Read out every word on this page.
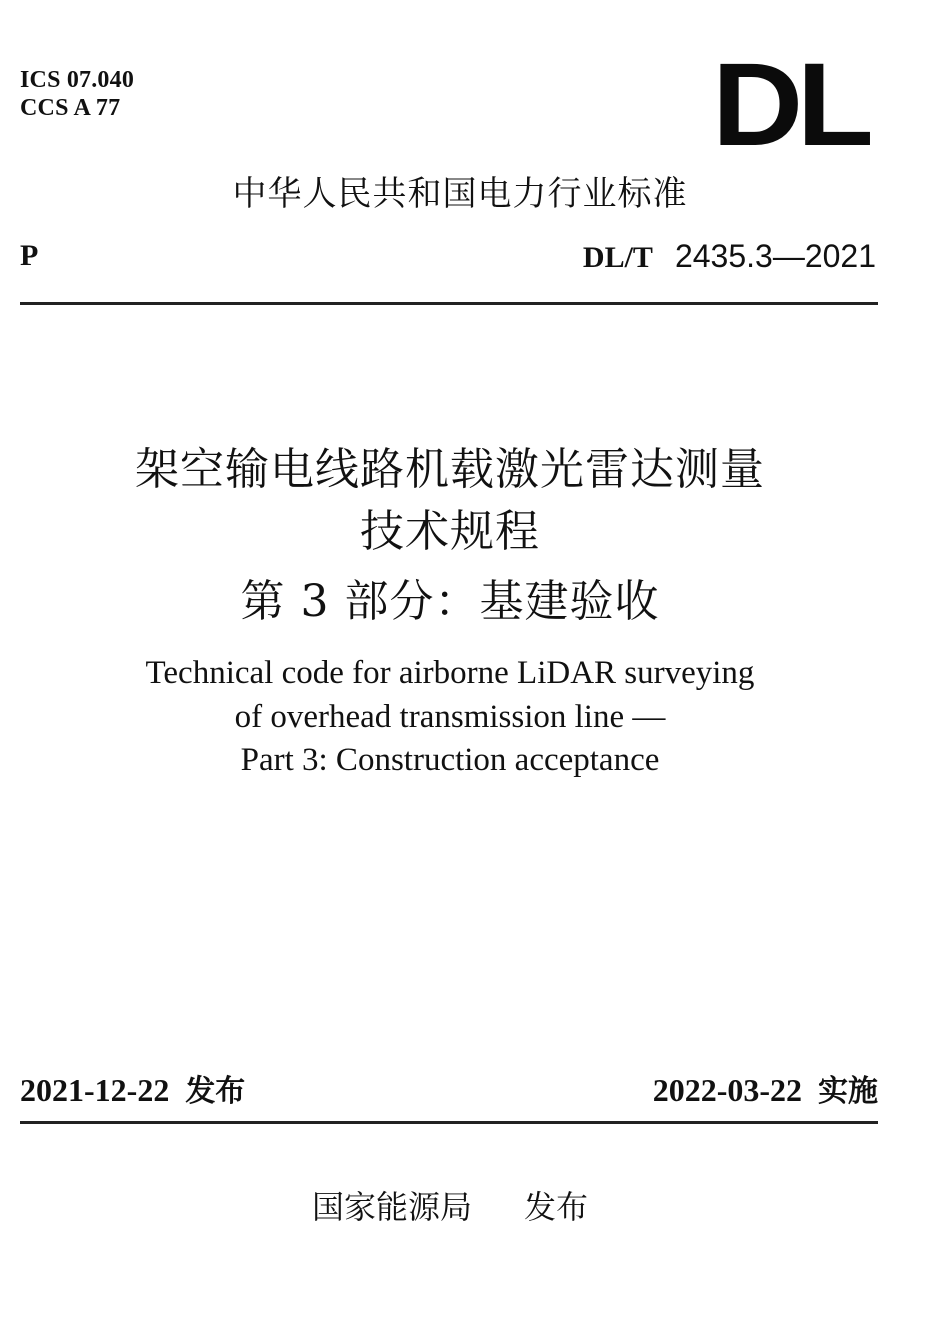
ICS 07.040
CCS A 77	DL
中华人民共和国电力行业标准
P	DL/T 2435.3—2021
架空输电线路机载激光雷达测量
技术规程
第 3 部分：基建验收
Technical code for airborne LiDAR surveying
of overhead transmission line —
Part 3: Construction acceptance
2021-12-22 发布	2022-03-22 实施
国家能源局 发布
